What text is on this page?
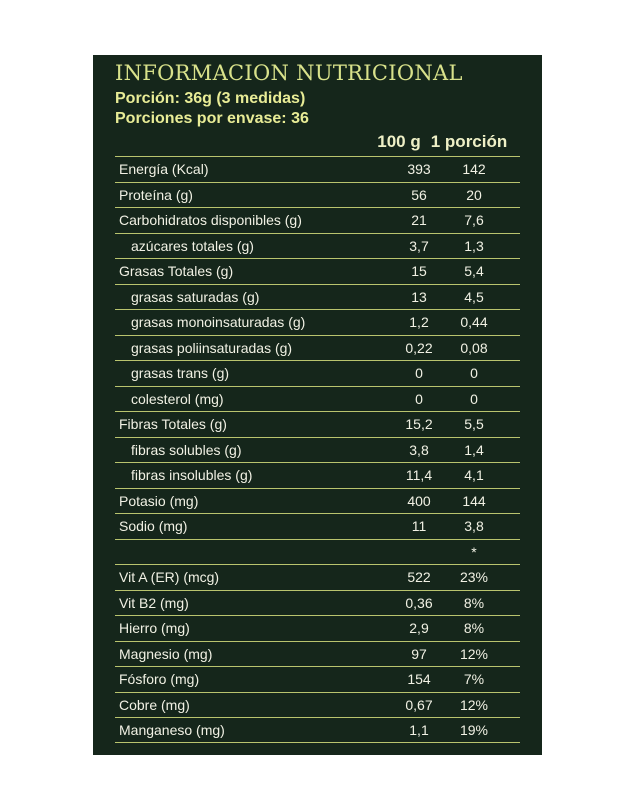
INFORMACION NUTRICIONAL
Porción: 36g (3 medidas)
Porciones por envase: 36
100 g 1 porción
Energía (Kcal)	393	142
Proteína (g)	56	20
Carbohidratos disponibles (g)	21	7,6
azúcares totales (g)	3,7	1,3
Grasas Totales (g)	15	5,4
grasas saturadas (g)	13	4,5
grasas monoinsaturadas (g)	1,2	0,44
grasas poliinsaturadas (g)	0,22	0,08
grasas trans (g)	0	0
colesterol (mg)	0	0
Fibras Totales (g)	15,2	5,5
fibras solubles (g)	3,8	1,4
fibras insolubles (g)	11,4	4,1
Potasio (mg)	400	144
Sodio (mg)	11	3,8
*
Vit A (ER) (mcg)	522	23%
Vit B2 (mg)	0,36	8%
Hierro (mg)	2,9	8%
Magnesio (mg)	97	12%
Fósforo (mg)	154	7%
Cobre (mg)	0,67	12%
Manganeso (mg)	1,1	19%
